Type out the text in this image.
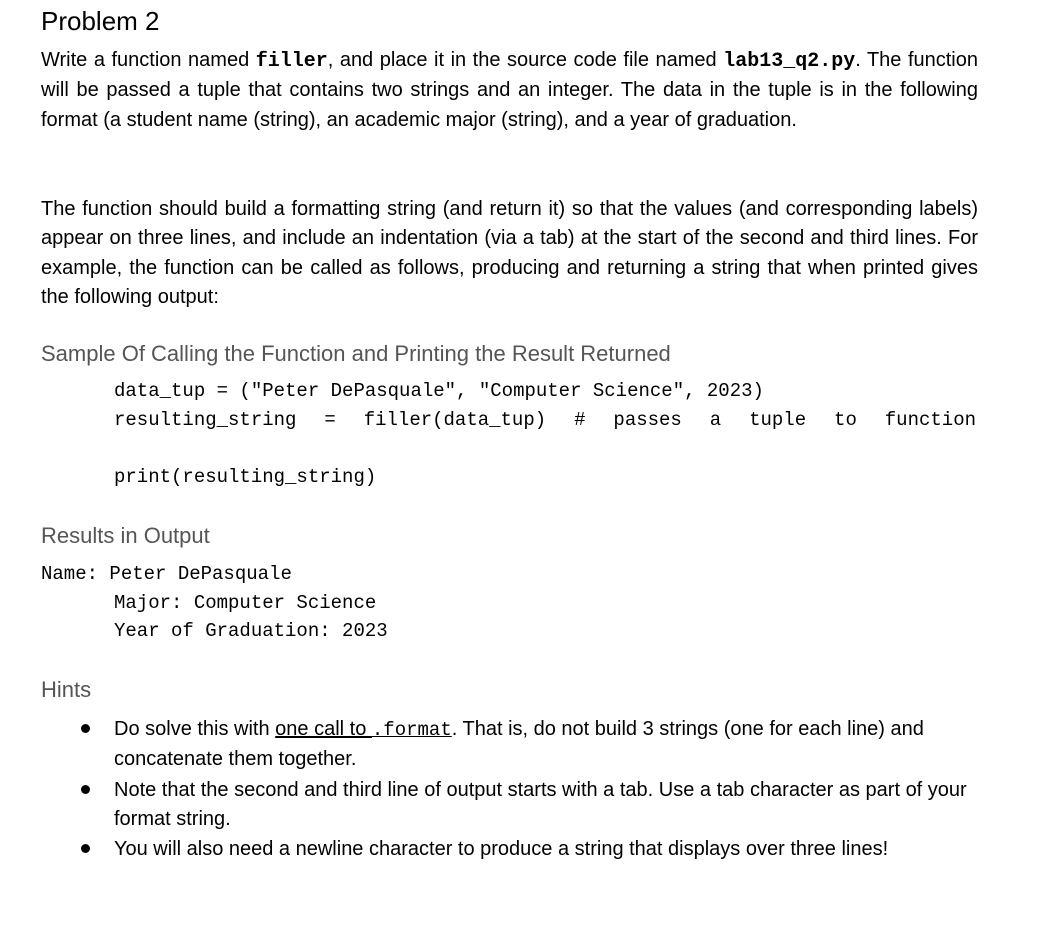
Problem 2

Write a function named filler, and place it in the source code file named lab13_q2.py. The function will be passed a tuple that contains two strings and an integer. The data in the tuple is in the following format (a student name (string), an academic major (string), and a year of graduation.

The function should build a formatting string (and return it) so that the values (and corresponding labels) appear on three lines, and include an indentation (via a tab) at the start of the second and third lines. For example, the function can be called as follows, producing and returning a string that when printed gives the following output:

Sample Of Calling the Function and Printing the Result Returned
data_tup = ("Peter DePasquale", "Computer Science", 2023)

resulting_string = filler(data_tup) # passes a tuple to function

print(resulting_string)
Results in Output
Name: Peter DePasquale
Major: Computer Science
Year of Graduation: 2023
Hints
Do solve this with one call to .format. That is, do not build 3 strings (one for each line) and concatenate them together.
Note that the second and third line of output starts with a tab. Use a tab character as part of your format string.
You will also need a newline character to produce a string that displays over three lines!
